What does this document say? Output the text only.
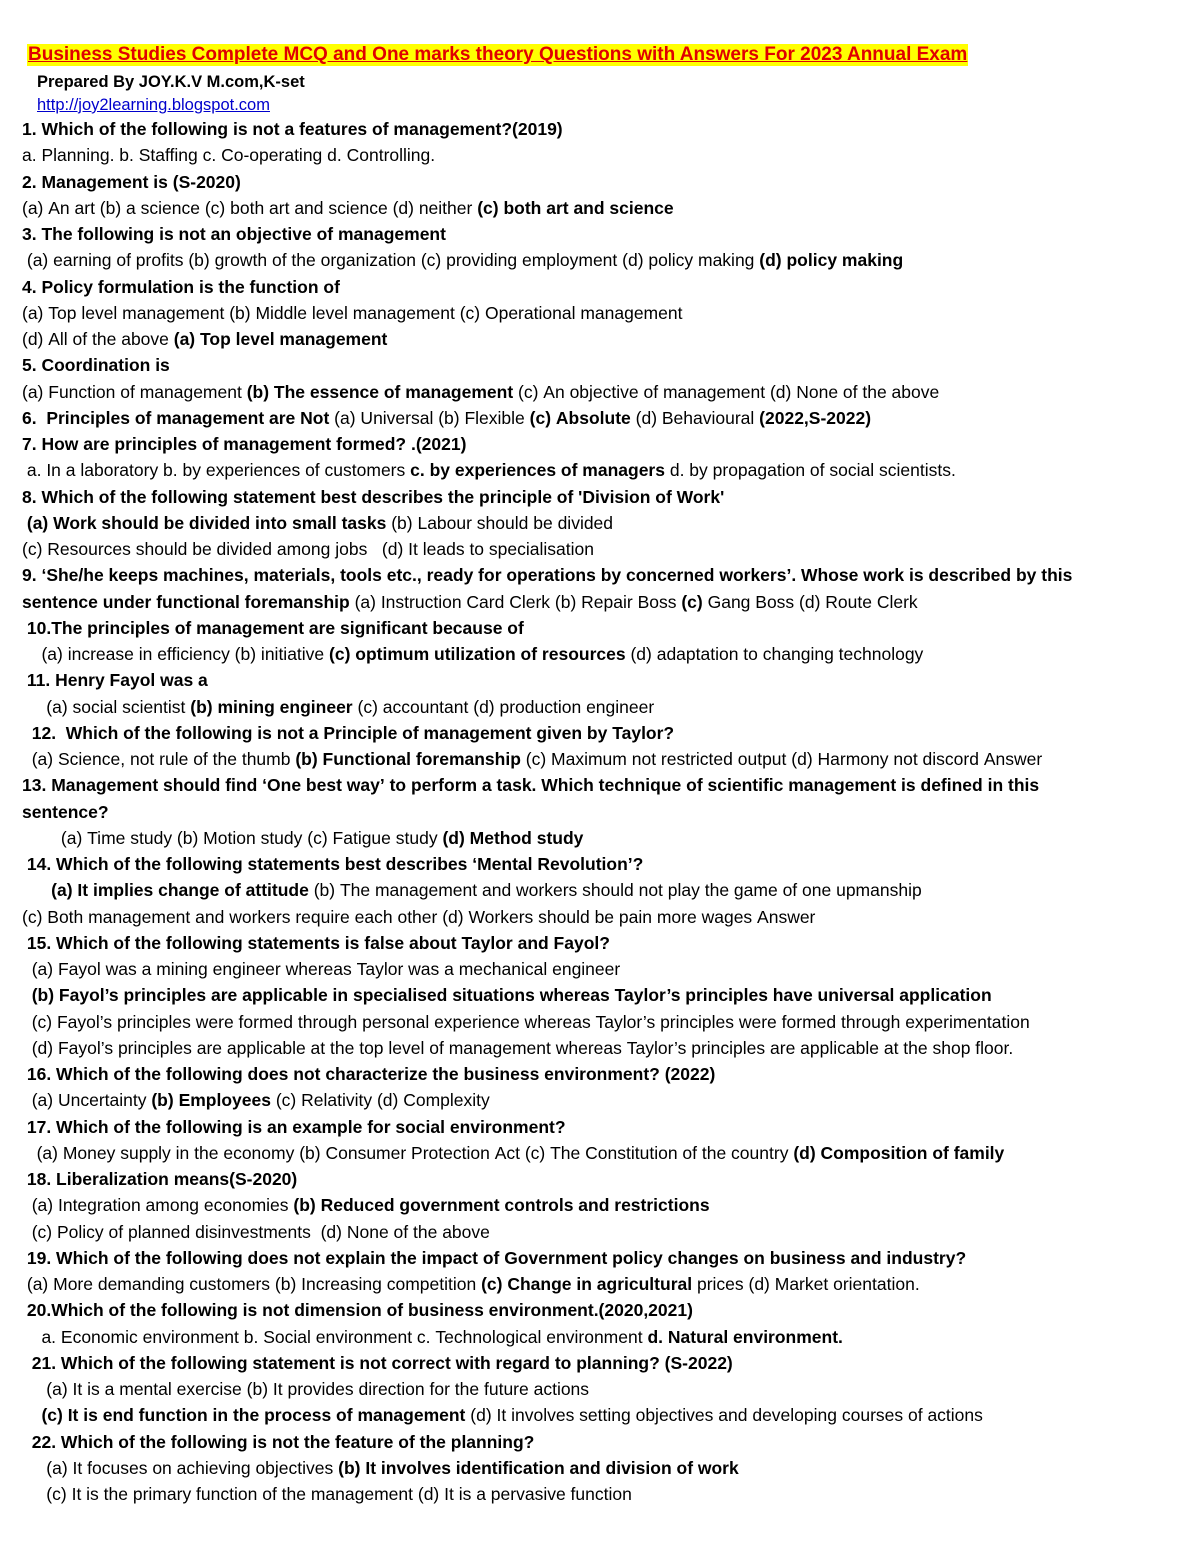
Business Studies Complete MCQ and One marks theory Questions with Answers For 2023 Annual Exam
Prepared By JOY.K.V M.com,K-set
http://joy2learning.blogspot.com
1. Which of the following is not a features of management?(2019)
a. Planning. b. Staffing c. Co-operating d. Controlling.
2. Management is (S-2020)
(a) An art (b) a science (c) both art and science (d) neither (c) both art and science
3. The following is not an objective of management
(a) earning of profits (b) growth of the organization (c) providing employment (d) policy making (d) policy making
4. Policy formulation is the function of
(a) Top level management (b) Middle level management (c) Operational management
(d) All of the above (a) Top level management
5. Coordination is
(a) Function of management (b) The essence of management (c) An objective of management (d) None of the above
6.  Principles of management are Not (a) Universal (b) Flexible (c) Absolute (d) Behavioural (2022,S-2022)
7. How are principles of management formed? .(2021)
a. In a laboratory b. by experiences of customers c. by experiences of managers d. by propagation of social scientists.
8. Which of the following statement best describes the principle of 'Division of Work'
(a) Work should be divided into small tasks (b) Labour should be divided
(c) Resources should be divided among jobs   (d) It leads to specialisation
9. ‘She/he keeps machines, materials, tools etc., ready for operations by concerned workers’. Whose work is described by this
sentence under functional foremanship (a) Instruction Card Clerk (b) Repair Boss (c) Gang Boss (d) Route Clerk
10.The principles of management are significant because of
(a) increase in efficiency (b) initiative (c) optimum utilization of resources (d) adaptation to changing technology
11. Henry Fayol was a
(a) social scientist (b) mining engineer (c) accountant (d) production engineer
12.  Which of the following is not a Principle of management given by Taylor?
(a) Science, not rule of the thumb (b) Functional foremanship (c) Maximum not restricted output (d) Harmony not discord Answer
13. Management should find ‘One best way’ to perform a task. Which technique of scientific management is defined in this
sentence?
(a) Time study (b) Motion study (c) Fatigue study (d) Method study
14. Which of the following statements best describes ‘Mental Revolution’?
(a) It implies change of attitude (b) The management and workers should not play the game of one upmanship
(c) Both management and workers require each other (d) Workers should be pain more wages Answer
15. Which of the following statements is false about Taylor and Fayol?
(a) Fayol was a mining engineer whereas Taylor was a mechanical engineer
(b) Fayol’s principles are applicable in specialised situations whereas Taylor’s principles have universal application
(c) Fayol’s principles were formed through personal experience whereas Taylor’s principles were formed through experimentation
(d) Fayol’s principles are applicable at the top level of management whereas Taylor’s principles are applicable at the shop floor.
16. Which of the following does not characterize the business environment? (2022)
(a) Uncertainty (b) Employees (c) Relativity (d) Complexity
17. Which of the following is an example for social environment?
(a) Money supply in the economy (b) Consumer Protection Act (c) The Constitution of the country (d) Composition of family
18. Liberalization means(S-2020)
(a) Integration among economies (b) Reduced government controls and restrictions
(c) Policy of planned disinvestments  (d) None of the above
19. Which of the following does not explain the impact of Government policy changes on business and industry?
(a) More demanding customers (b) Increasing competition (c) Change in agricultural prices (d) Market orientation.
20.Which of the following is not dimension of business environment.(2020,2021)
a. Economic environment b. Social environment c. Technological environment d. Natural environment.
21. Which of the following statement is not correct with regard to planning? (S-2022)
(a) It is a mental exercise (b) It provides direction for the future actions
(c) It is end function in the process of management (d) It involves setting objectives and developing courses of actions
22. Which of the following is not the feature of the planning?
(a) It focuses on achieving objectives (b) It involves identification and division of work
(c) It is the primary function of the management (d) It is a pervasive function
